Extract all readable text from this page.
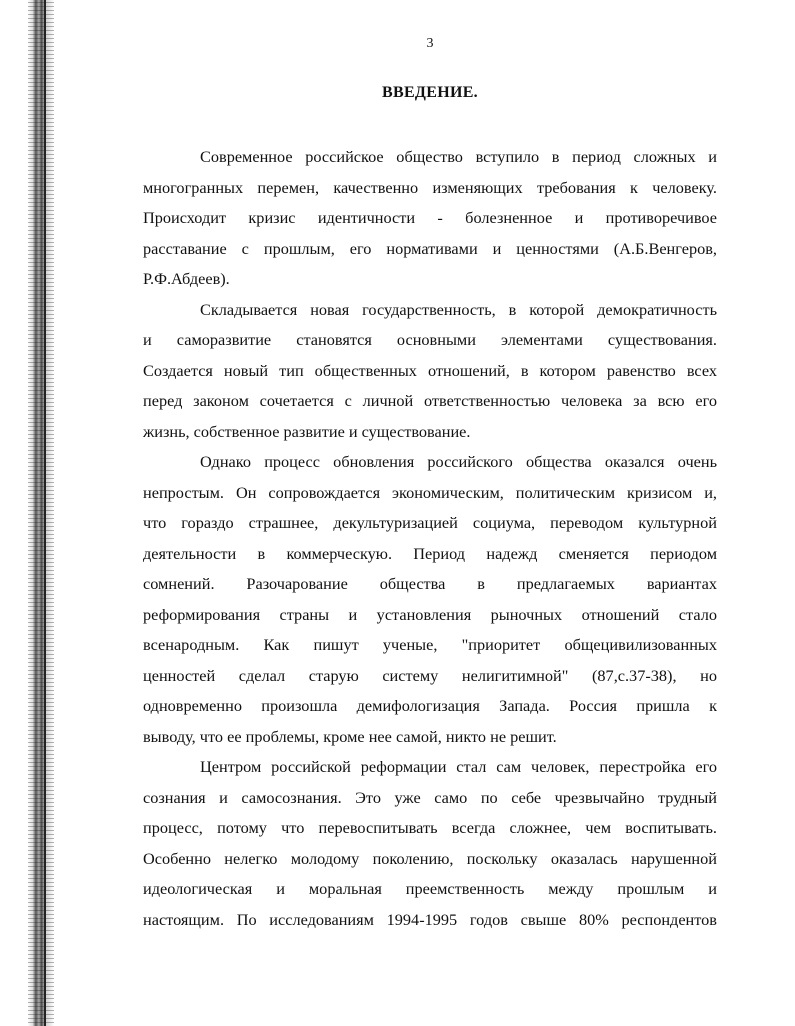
3
ВВЕДЕНИЕ.
Современное российское общество вступило в период сложных и
многогранных перемен, качественно изменяющих требования к человеку.
Происходит кризис идентичности - болезненное и противоречивое
расставание с прошлым, его нормативами и ценностями (А.Б.Венгеров,
Р.Ф.Абдеев).
Складывается новая государственность, в которой демократичность
и саморазвитие становятся основными элементами существования.
Создается новый тип общественных отношений, в котором равенство всех
перед законом сочетается с личной ответственностью человека за всю его
жизнь, собственное развитие и существование.
Однако процесс обновления российского общества оказался очень
непростым. Он сопровождается экономическим, политическим кризисом и,
что гораздо страшнее, декультуризацией социума, переводом культурной
деятельности в коммерческую. Период надежд сменяется периодом
сомнений. Разочарование общества в предлагаемых вариантах
реформирования страны и установления рыночных отношений стало
всенародным. Как пишут ученые, "приоритет общецивилизованных
ценностей сделал старую систему нелигитимной" (87,с.37-38), но
одновременно произошла демифологизация Запада. Россия пришла к
выводу, что ее проблемы, кроме нее самой, никто не решит.
Центром российской реформации стал сам человек, перестройка его
сознания и самосознания. Это уже само по себе чрезвычайно трудный
процесс, потому что перевоспитывать всегда сложнее, чем воспитывать.
Особенно нелегко молодому поколению, поскольку оказалась нарушенной
идеологическая и моральная преемственность между прошлым и
настоящим. По исследованиям 1994-1995 годов свыше 80% респондентов
